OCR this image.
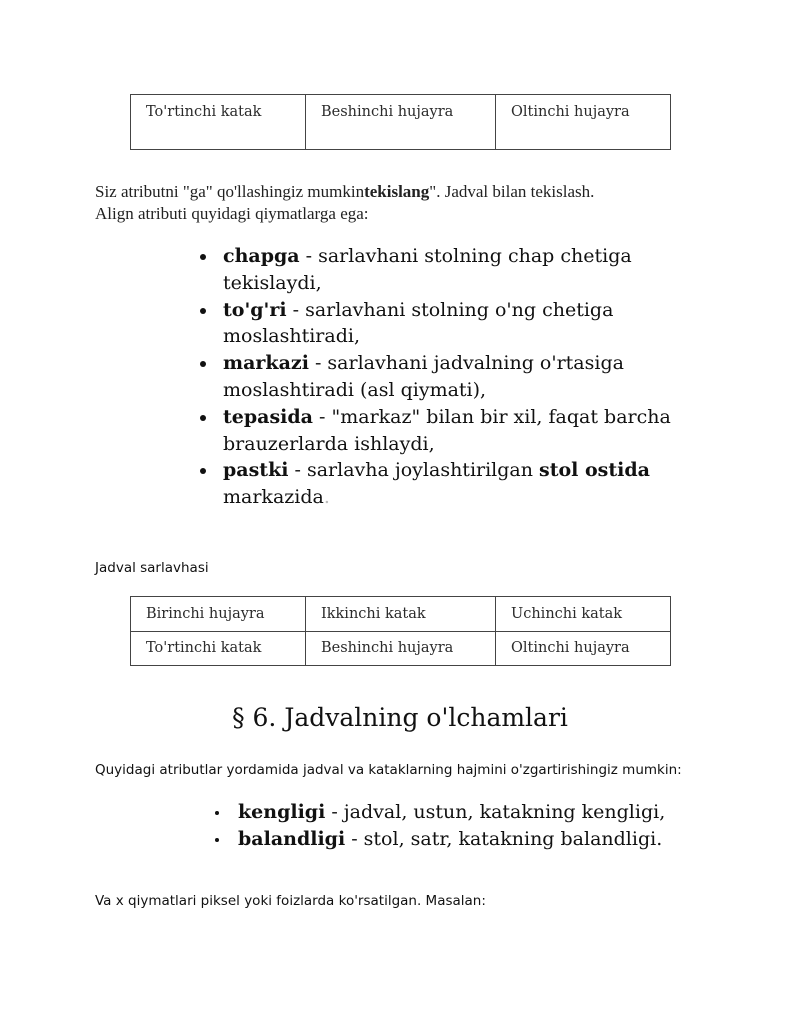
To'rtinchi katak	Beshinchi hujayra	Oltinchi hujayra

Siz atributni "ga" qo'llashingiz mumkintekislang". Jadval bilan tekislash.
Align atributi quyidagi qiymatlarga ega:

chapga - sarlavhani stolning chap chetiga tekislaydi,
to'g'ri - sarlavhani stolning o'ng chetiga moslashtiradi,
markazi - sarlavhani jadvalning o'rtasiga moslashtiradi (asl qiymati),
tepasida - "markaz" bilan bir xil, faqat barcha brauzerlarda ishlaydi,
pastki - sarlavha joylashtirilgan stol ostida markazida.

Jadval sarlavhasi

Birinchi hujayra	Ikkinchi katak	Uchinchi katak
To'rtinchi katak	Beshinchi hujayra	Oltinchi hujayra
§ 6. Jadvalning o'lchamlari

Quyidagi atributlar yordamida jadval va kataklarning hajmini o'zgartirishingiz mumkin:

kengligi - jadval, ustun, katakning kengligi,
balandligi - stol, satr, katakning balandligi.

Va x qiymatlari piksel yoki foizlarda ko'rsatilgan. Masalan:
